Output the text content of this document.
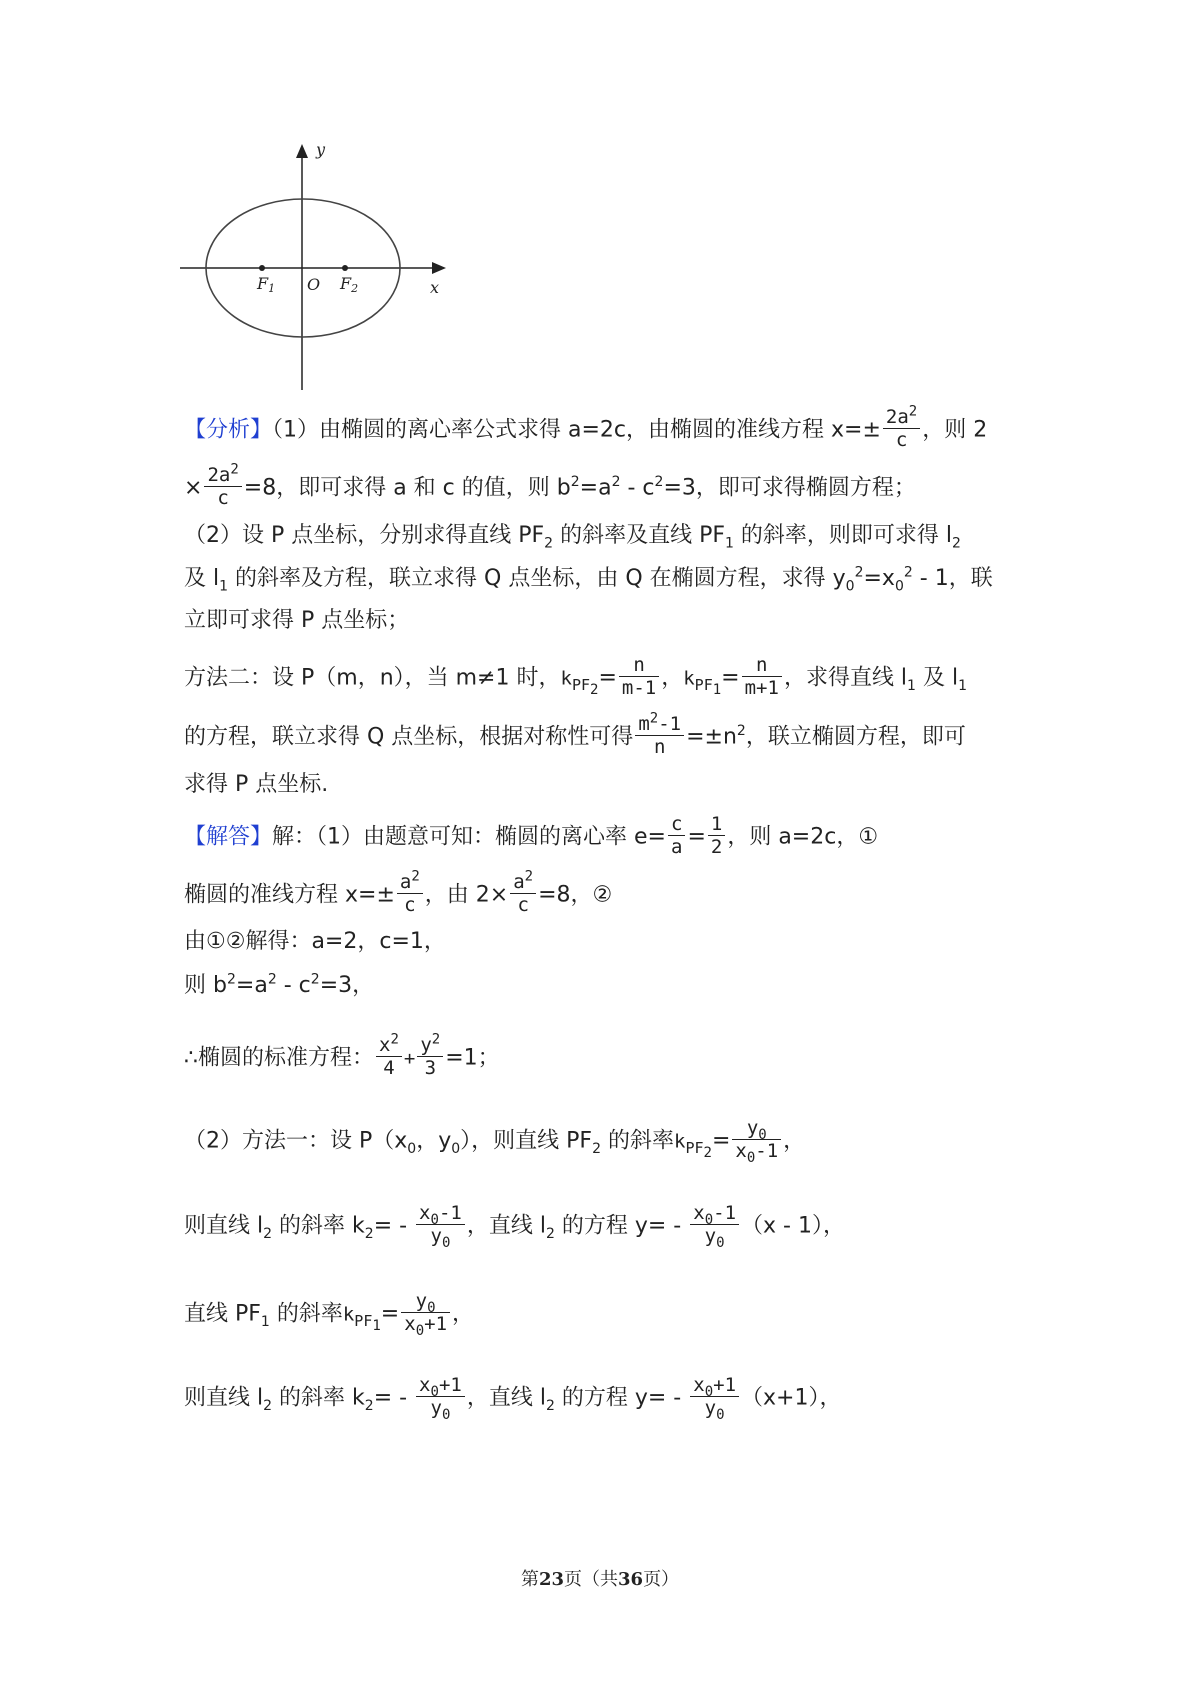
y
x
O
F1	F2
【分析】（1）由椭圆的离心率公式求得 a=2c，由椭圆的准线方程 $x=\pm \frac{2a^2}{c}$ ，则 2
× $\frac{2a^2}{c} =8$，即可求得 a 和 c 的值，则 $b^2=a^2 - c^2=3$，即可求得椭圆方程；
（2）设 P 点坐标，分别求得直线 $PF_2$ 的斜率及直线 $PF_1$ 的斜率，则即可求得 $l_2$
及 $l_1$ 的斜率及方程，联立求得 Q 点坐标，由 Q 在椭圆方程，求得 $y_0^2=x_0^2 - 1$，联
立即可求得 P 点坐标；
方法二：设 P（m，n），当 m≠1 时，$k_{PF_2}= \frac{n}{m-1}$ ，$k_{PF_1}= \frac{n}{m+1}$ ，求得直线 $l_1$ 及 $l_1$
的方程，联立求得 Q 点坐标，根据对称性可得 $\frac{m^2-1}{n} =\pm n^2$，联立椭圆方程，即可
求得 P 点坐标.
【解答】解：（1）由题意可知：椭圆的离心率 $e= \frac{c}{a} = \frac{1}{2}$ ，则 a=2c，①
椭圆的准线方程 $x=\pm \frac{a^2}{c}$ ，由 $2\times \frac{a^2}{c} =8$，②
由①②解得：a=2，c=1，
则 $b^2=a^2 - c^2=3$，
∴椭圆的标准方程： $\frac{x^2}{4} + \frac{y^2}{3} =1$；
（2）方法一：设 $P(x_0$，$y_0$），则直线 $PF_2$ 的斜率$k_{PF_2}= \frac{y_0}{x_0-1}$ ，
则直线 $l_2$ 的斜率 $k_2= - \frac{x_0-1}{y_0}$ ，直线 $l_2$ 的方程 $y= - \frac{x_0-1}{y_0} (x - 1)$，
直线 $PF_1$ 的斜率$k_{PF_1}= \frac{y_0}{x_0+1}$ ，
则直线 $l_2$ 的斜率 $k_2= - \frac{x_0+1}{y_0}$ ，直线 $l_2$ 的方程 $y= - \frac{x_0+1}{y_0} (x+1)$，
第23页（共36页）
